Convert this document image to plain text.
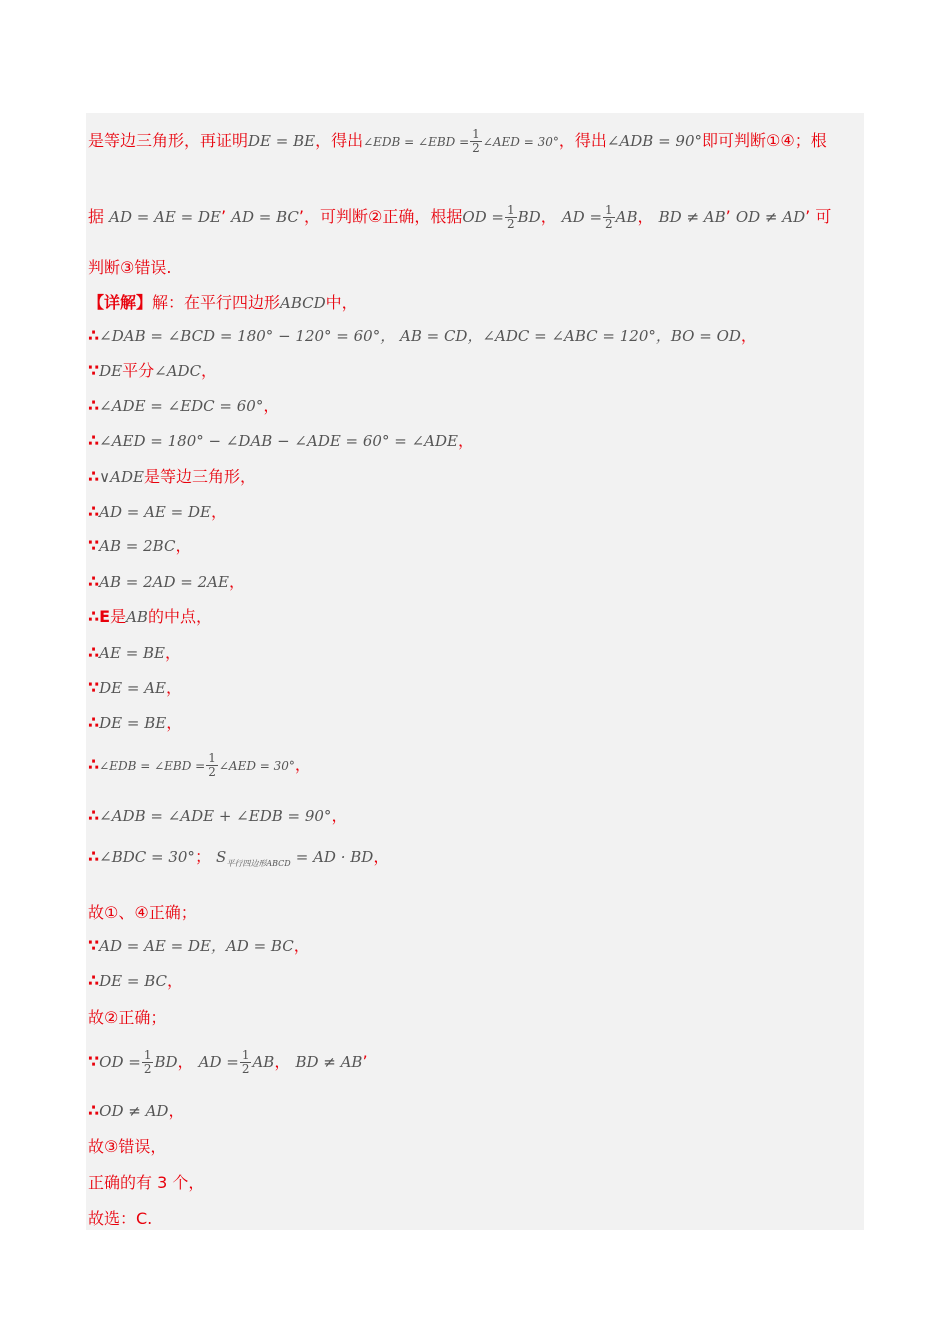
是等边三角形，再证明DE = BE，得出∠EDB = ∠EBD = $\frac{1}{2}$ ∠AED = 30°，得出∠ADB = 90°即可判断①④；根
据 AD = AE = DE’ AD = BC’，可判断②正确，根据OD = $\frac{1}{2}$ BD， AD = $\frac{1}{2}$ AB， BD ≠ AB’ OD ≠ AD’ 可
判断③错误.
【详解】解：在平行四边形ABCD中，
∴∠DAB = ∠BCD = 180° − 120° = 60°， AB = CD，∠ADC = ∠ABC = 120°，BO = OD，
∵DE平分∠ADC，
∴∠ADE = ∠EDC = 60°，
∴∠AED = 180° − ∠DAB − ∠ADE = 60° = ∠ADE，
∴∨ADE是等边三角形，
∴AD = AE = DE，
∵AB = 2BC，
∴AB = 2AD = 2AE，
∴E是AB的中点，
∴AE = BE，
∵DE = AE，
∴DE = BE，
∴∠EDB = ∠EBD = $\frac{1}{2}$ ∠AED = 30°，
∴∠ADB = ∠ADE + ∠EDB = 90°，
∴∠BDC = 30°； $S_{平行四边形ABCD}$ = AD · BD，
故①、④正确；
∵AD = AE = DE，AD = BC，
∴DE = BC，
故②正确；
∵OD = $\frac{1}{2}$ BD， AD = $\frac{1}{2}$ AB， BD ≠ AB’
∴OD ≠ AD，
故③错误，
正确的有 3 个，
故选：C.
